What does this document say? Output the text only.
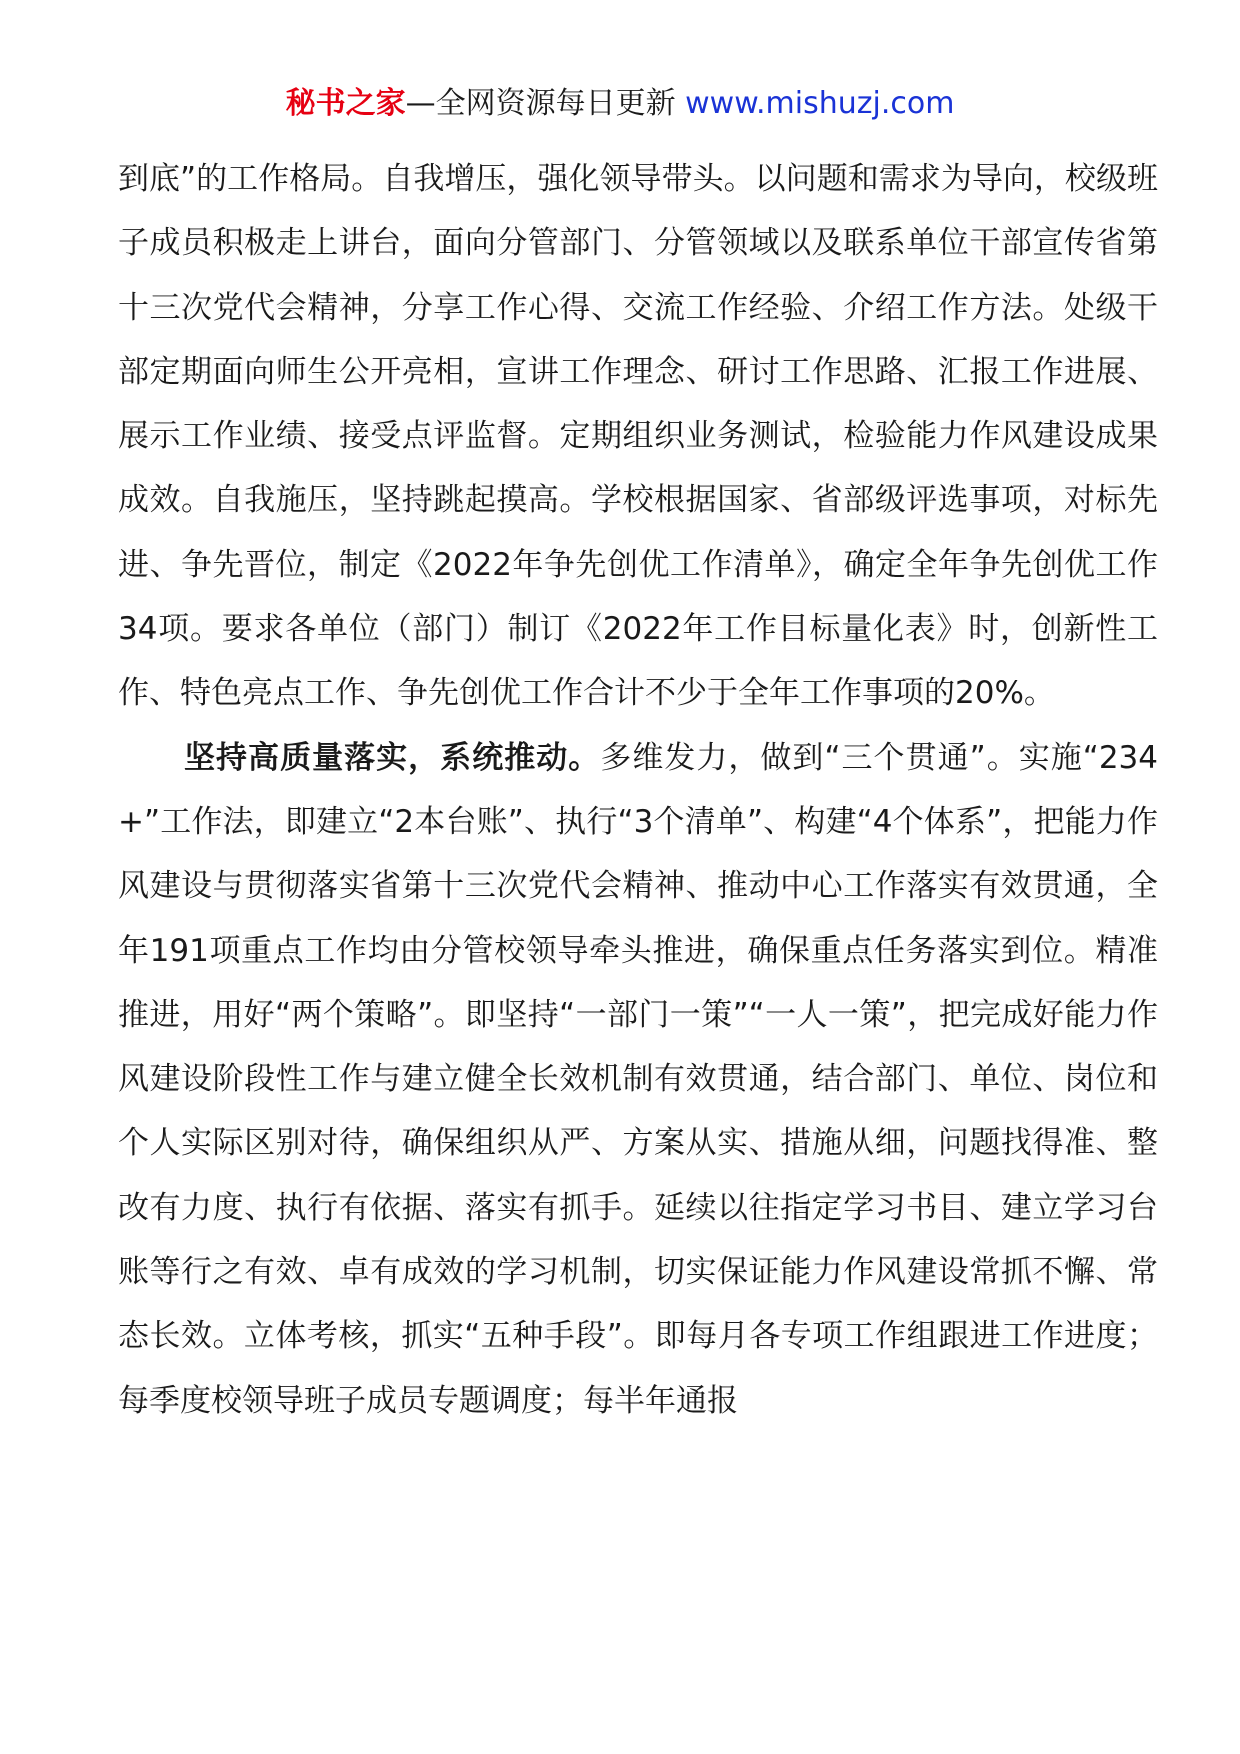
秘书之家—全网资源每日更新 www.mishuzj.com

到底”的工作格局。自我增压，强化领导带头。以问题和需求为导向，校级班子成员积极走上讲台，面向分管部门、分管领域以及联系单位干部宣传省第十三次党代会精神，分享工作心得、交流工作经验、介绍工作方法。处级干部定期面向师生公开亮相，宣讲工作理念、研讨工作思路、汇报工作进展、展示工作业绩、接受点评监督。定期组织业务测试，检验能力作风建设成果成效。自我施压，坚持跳起摸高。学校根据国家、省部级评选事项，对标先进、争先晋位，制定《2022年争先创优工作清单》，确定全年争先创优工作34项。要求各单位（部门）制订《2022年工作目标量化表》时，创新性工作、特色亮点工作、争先创优工作合计不少于全年工作事项的20%。

坚持高质量落实，系统推动。多维发力，做到“三个贯通”。实施“234+”工作法，即建立“2本台账”、执行“3个清单”、构建“4个体系”，把能力作风建设与贯彻落实省第十三次党代会精神、推动中心工作落实有效贯通，全年191项重点工作均由分管校领导牵头推进，确保重点任务落实到位。精准推进，用好“两个策略”。即坚持“一部门一策”“一人一策”，把完成好能力作风建设阶段性工作与建立健全长效机制有效贯通，结合部门、单位、岗位和个人实际区别对待，确保组织从严、方案从实、措施从细，问题找得准、整改有力度、执行有依据、落实有抓手。延续以往指定学习书目、建立学习台账等行之有效、卓有成效的学习机制，切实保证能力作风建设常抓不懈、常态长效。立体考核，抓实“五种手段”。即每月各专项工作组跟进工作进度；每季度校领导班子成员专题调度；每半年通报
